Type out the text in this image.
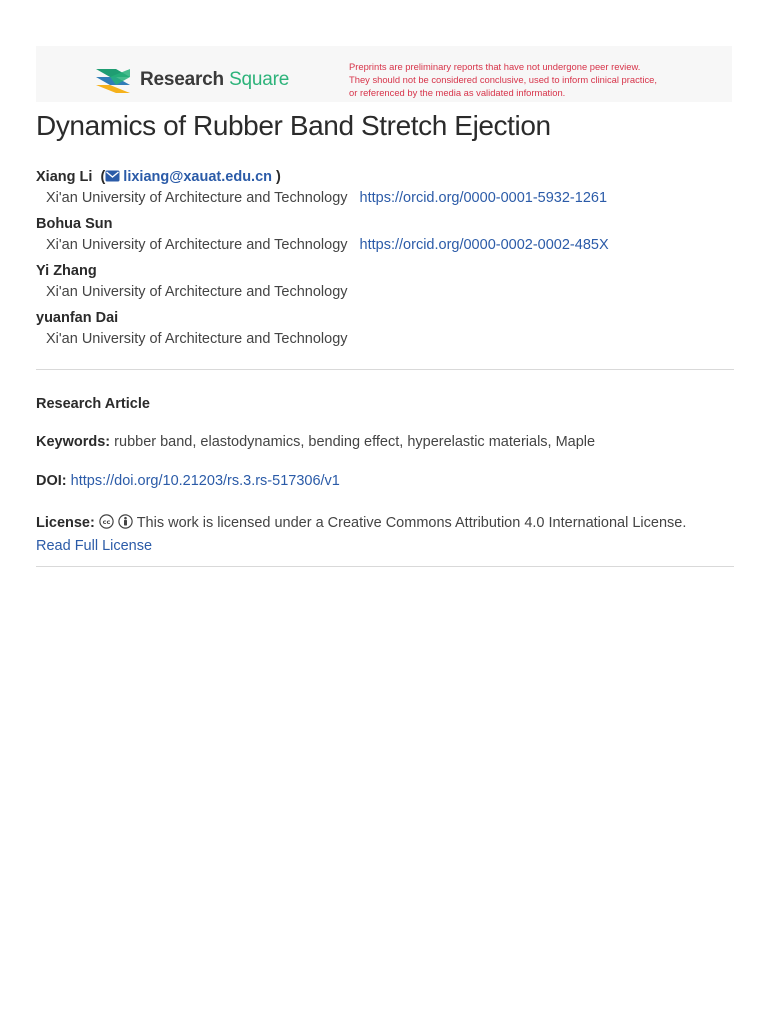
Research Square
Preprints are preliminary reports that have not undergone peer review.
They should not be considered conclusive, used to inform clinical practice,
or referenced by the media as validated information.
Dynamics of Rubber Band Stretch Ejection
Xiang Li  ( lixiang@xauat.edu.cn )
Xi'an University of Architecture and Technology https://orcid.org/0000-0001-5932-1261
Bohua Sun
Xi'an University of Architecture and Technology https://orcid.org/0000-0002-0002-485X
Yi Zhang
Xi'an University of Architecture and Technology
yuanfan Dai
Xi'an University of Architecture and Technology
Research Article
Keywords: rubber band, elastodynamics, bending effect, hyperelastic materials, Maple
DOI: https://doi.org/10.21203/rs.3.rs-517306/v1
License: cc This work is licensed under a Creative Commons Attribution 4.0 International License.
Read Full License
